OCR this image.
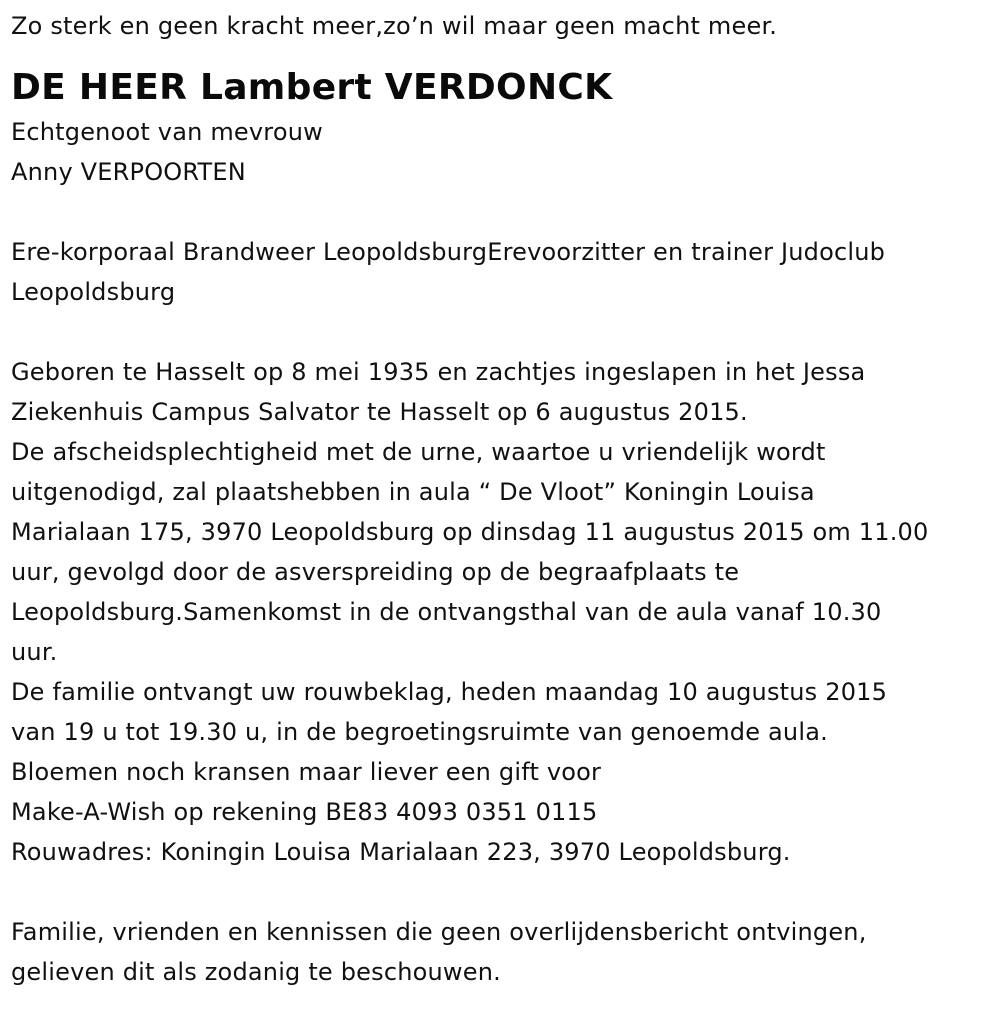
Zo sterk en geen kracht meer,zo’n wil maar geen macht meer.
DE HEER Lambert VERDONCK
Echtgenoot van mevrouw
Anny VERPOORTEN
Ere-korporaal Brandweer LeopoldsburgErevoorzitter en trainer Judoclub
Leopoldsburg
Geboren te Hasselt op 8 mei 1935 en zachtjes ingeslapen in het Jessa
Ziekenhuis Campus Salvator te Hasselt op 6 augustus 2015.
De afscheidsplechtigheid met de urne, waartoe u vriendelijk wordt
uitgenodigd, zal plaatshebben in aula “ De Vloot” Koningin Louisa
Marialaan 175, 3970 Leopoldsburg op dinsdag 11 augustus 2015 om 11.00
uur, gevolgd door de asverspreiding op de begraafplaats te
Leopoldsburg.Samenkomst in de ontvangsthal van de aula vanaf 10.30
uur.
De familie ontvangt uw rouwbeklag, heden maandag 10 augustus 2015
van 19 u tot 19.30 u, in de begroetingsruimte van genoemde aula.
Bloemen noch kransen maar liever een gift voor
Make-A-Wish op rekening BE83 4093 0351 0115
Rouwadres: Koningin Louisa Marialaan 223, 3970 Leopoldsburg.
Familie, vrienden en kennissen die geen overlijdensbericht ontvingen,
gelieven dit als zodanig te beschouwen.
